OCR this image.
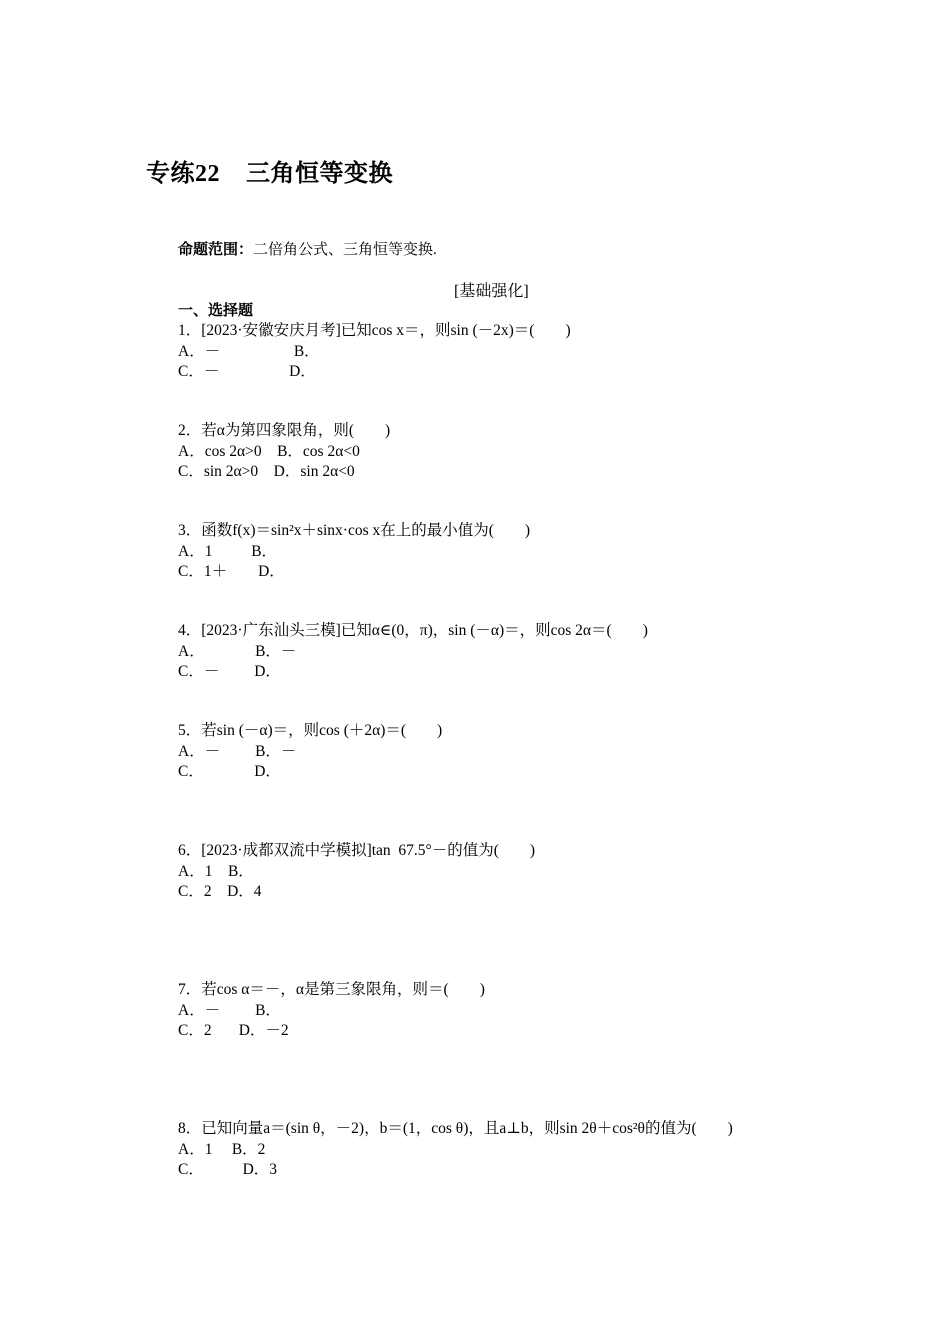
专练22    三角恒等变换
命题范围：二倍角公式、三角恒等变换.
[基础强化]
一、选择题
1．[2023·安徽安庆月考]已知cos x＝，则sin (－2x)＝(　　)
A．－                   B．
C．－                  D．
2．若α为第四象限角，则(　　)
A．cos 2α>0    B．cos 2α<0
C．sin 2α>0    D．sin 2α<0
3．函数f(x)＝sin²x＋sinx·cos x在上的最小值为(　　)
A．1          B．
C．1＋        D．
4．[2023·广东汕头三模]已知α∈(0，π)，sin (－α)＝，则cos 2α＝(　　)
A．             B．－
C．－         D．
5．若sin (－α)＝，则cos (＋2α)＝(　　)
A．－         B．－
C．             D．
6．[2023·成都双流中学模拟]tan  67.5°－的值为(　　)
A．1    B．
C．2    D．4
7．若cos α＝－，α是第三象限角，则＝(　　)
A．－         B．
C．2       D．－2
8．已知向量a＝(sin θ，－2)，b＝(1，cos θ)，且a⊥b，则sin 2θ＋cos²θ的值为(　　)
A．1     B．2
C．          D．3
